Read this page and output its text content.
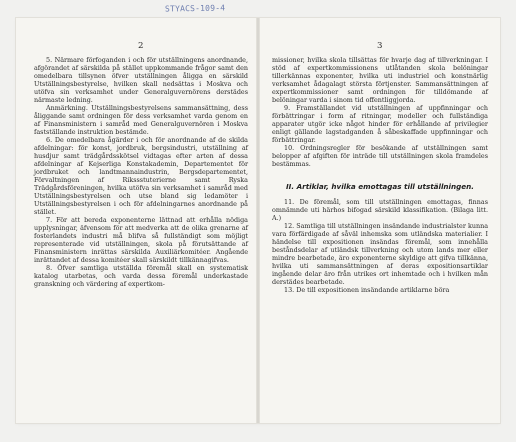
STYACS-109-4
2

5. Närmare förfoganden i och för utställningens anordnande, afgörandet af särskilda på stället uppkommande frågor samt den omedelbara tillsynen öfver utställningen åligga en särskild Utställningsbestyrelse, hvilken skall nedsättas i Moskva och utöfva sin verksamhet under Generalguvernörens derstädes närmaste ledning.

Anmärkning. Utställningsbestyrelsens sammansättning, dess åliggande samt ordningen för dess verksamhet varda genom en af Finansministern i samråd med Generalguvernören i Moskva fastställande instruktion bestämde.

6. De omedelbara ågärder i och för anordnande af de skilda afdelningar: för konst, jordbruk, bergsindustri, utställning af husdjur samt trädgårdsskötsel vidtagas efter arten af dessa afdelningar af Kejserliga Konstakademin, Departementet för jordbruket och landtmannaindustrin, Bergsdepartementet, Förvaltningen af Rikssstuterierne samt Ryska Trädgårdsföreningen, hvilka utöfva sin verksamhet i samråd med Utställningsbestyrelsen och utse bland sig ledamöter i Utställningsbestyrelsen i och för afdelningarnes anordnande på stället.

7. För att bereda exponenterne lättnad att erhålla nödiga upplysningar, äfvensom för att medverka att de olika grenarne af fosterlandets industri må blifva så fullständigt som möjligt representerade vid utställningen, skola på förutsättande af Finansministern inrättas särskilda Auxiliärkomitéer. Angående inrättandet af dessa komitéer skall särskildt tillkännagifvas.

8. Öfver samtliga utställda föremål skall en systematisk katalog utarbetas, och varda dessa föremål underkastade granskning och värdering af expertkom-

3

missioner, hvilka skola tillsättas för hvarje dag af tillverkningar. I stöd af expertkommissionens utlåtanden skola belöningar tillerkännas exponenter, hvilka uti industriel och konstnärlig verksamhet ådagalagt största förtjenster. Sammansättningen af expertkommissioner samt ordningen för tilldömande af belöningar varda i sinom tid offentliggjorda.

9. Framställandet vid utställningen af uppfinningar och förbättringar i form af ritningar, modeller och fullständiga apparater utgör icke något hinder för erhållande af privilegier enligt gällande lagstadganden å såbeskaffade uppfinningar och förbättringar.

10. Ordningsregler för besökande af utställningen samt belopper af afgiften för inträde till utställningen skola framdeles bestämmas.

II. Artiklar, hvilka emottagas till utställningen.

11. De föremål, som till utställningen emottagas, finnas omnämnde uti härhos bifogad särskild klassifikation. (Bilaga litt. A.)

12. Samtliga till utställningen insändande industrialster kunna vara förfärdigade af såväl inhemska som utländska materialier. I händelse till expositionen insändas föremål, som innehålla beståndsdelar af utländsk tillverkning och utom lands mer eller mindre bearbetade, äro exponenterne skyldige att gifva tillkänna, hvilka uti sammansättningen af deras expositionsartiklar ingående delar äro från utrikes ort inhemtade och i hvilken mån derstädes bearbetade.

13. De till expositionen insändande artiklarne böra
